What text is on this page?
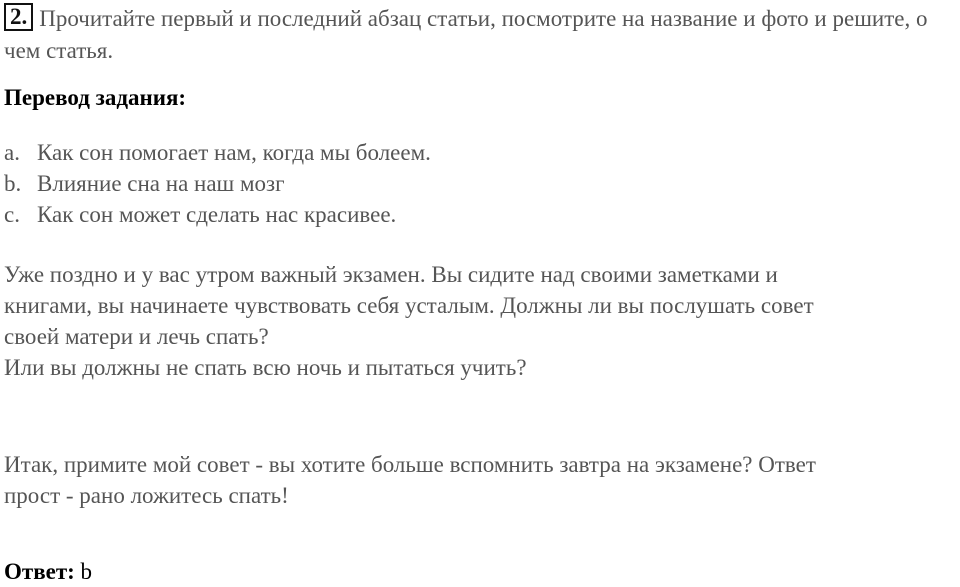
2. Прочитайте первый и последний абзац статьи, посмотрите на название и фото и решите, о чем статья.
Перевод задания:
a. Как сон помогает нам, когда мы болеем.
b. Влияние сна на наш мозг
c. Как сон может сделать нас красивее.
Уже поздно и у вас утром важный экзамен. Вы сидите над своими заметками и
книгами, вы начинаете чувствовать себя усталым. Должны ли вы послушать совет
своей матери и лечь спать?
Или вы должны не спать всю ночь и пытаться учить?
Итак, примите мой совет - вы хотите больше вспомнить завтра на экзамене? Ответ
прост - рано ложитесь спать!
Ответ: b
